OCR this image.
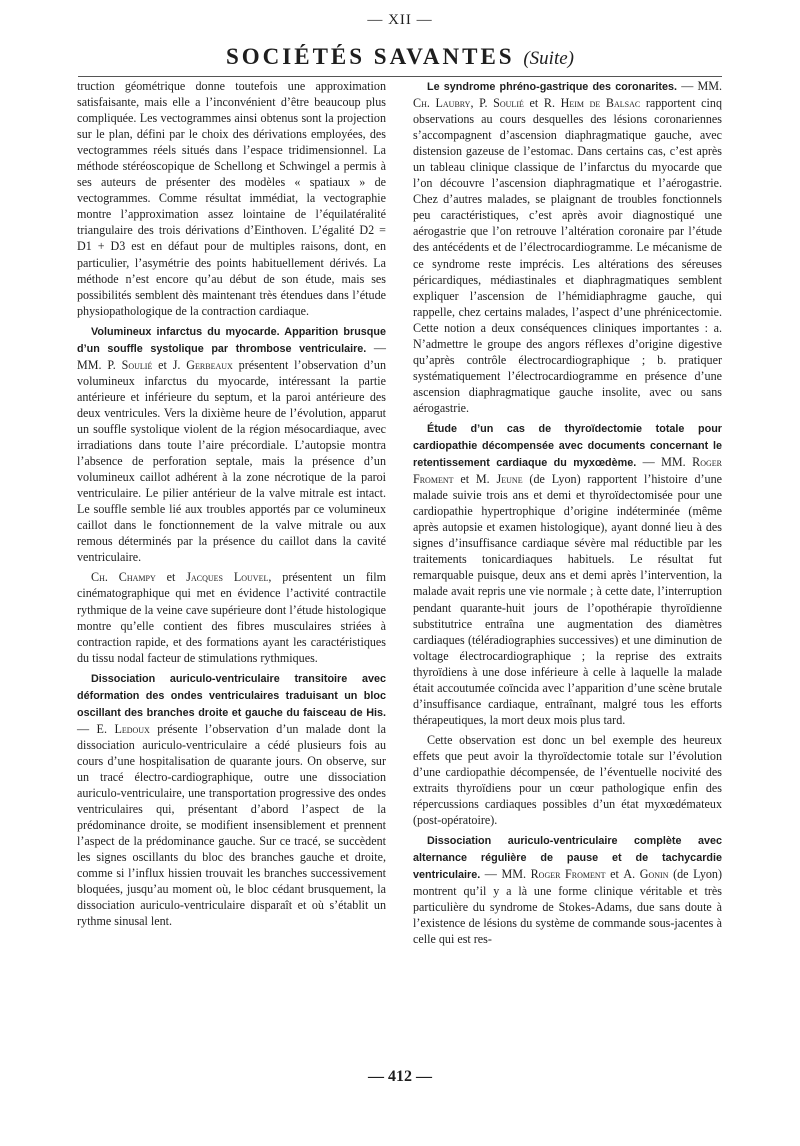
— XII —
SOCIÉTÉS SAVANTES (Suite)

truction géométrique donne toutefois une approximation satisfaisante, mais elle a l’inconvénient d’être beaucoup plus compliquée. Les vectogrammes ainsi obtenus sont la projection sur le plan, défini par le choix des dérivations employées, des vectogrammes réels situés dans l’espace tridimensionnel. La méthode stéréoscopique de Schellong et Schwingel a permis à ses auteurs de présenter des modèles « spatiaux » de vectogrammes. Comme résultat immédiat, la vectographie montre l’approximation assez lointaine de l’équilatéralité triangulaire des trois dérivations d’Einthoven. L’égalité D2 = D1 + D3 est en défaut pour de multiples raisons, dont, en particulier, l’asymétrie des points habituellement dérivés. La méthode n’est encore qu’au début de son étude, mais ses possibilités semblent dès maintenant très étendues dans l’étude physiopathologique de la contraction cardiaque.

Volumineux infarctus du myocarde. Apparition brusque d’un souffle systolique par thrombose ventriculaire. — MM. P. Soulié et J. Gerbeaux présentent l’observation d’un volumineux infarctus du myocarde, intéressant la partie antérieure et inférieure du septum, et la paroi antérieure des deux ventricules. Vers la dixième heure de l’évolution, apparut un souffle systolique violent de la région mésocardiaque, avec irradiations dans toute l’aire précordiale. L’autopsie montra l’absence de perforation septale, mais la présence d’un volumineux caillot adhérent à la zone nécrotique de la paroi ventriculaire. Le pilier antérieur de la valve mitrale est intact. Le souffle semble lié aux troubles apportés par ce volumineux caillot dans le fonctionnement de la valve mitrale ou aux remous déterminés par la présence du caillot dans la cavité ventriculaire.

Ch. Champy et Jacques Louvel, présentent un film cinématographique qui met en évidence l’activité contractile rythmique de la veine cave supérieure dont l’étude histologique montre qu’elle contient des fibres musculaires striées à contraction rapide, et des formations ayant les caractéristiques du tissu nodal facteur de stimulations rythmiques.

Dissociation auriculo-ventriculaire transitoire avec déformation des ondes ventriculaires traduisant un bloc oscillant des branches droite et gauche du faisceau de His. — E. Ledoux présente l’observation d’un malade dont la dissociation auriculo-ventriculaire a cédé plusieurs fois au cours d’une hospitalisation de quarante jours. On observe, sur un tracé électro-cardiographique, outre une dissociation auriculo-ventriculaire, une transportation progressive des ondes ventriculaires qui, présentant d’abord l’aspect de la prédominance droite, se modifient insensiblement et prennent l’aspect de la prédominance gauche. Sur ce tracé, se succèdent les signes oscillants du bloc des branches gauche et droite, comme si l’influx hissien trouvait les branches successivement bloquées, jusqu’au moment où, le bloc cédant brusquement, la dissociation auriculo-ventriculaire disparaît et où s’établit un rythme sinusal lent.

Le syndrome phréno-gastrique des coronarites. — MM. Ch. Laubry, P. Soulié et R. Heim de Balsac rapportent cinq observations au cours desquelles des lésions coronariennes s’accompagnent d’ascension diaphragmatique gauche, avec distension gazeuse de l’estomac. Dans certains cas, c’est après un tableau clinique classique de l’infarctus du myocarde que l’on découvre l’ascension diaphragmatique et l’aérogastrie. Chez d’autres malades, se plaignant de troubles fonctionnels peu caractéristiques, c’est après avoir diagnostiqué une aérogastrie que l’on retrouve l’altération coronaire par l’étude des antécédents et de l’électrocardiogramme. Le mécanisme de ce syndrome reste imprécis. Les altérations des séreuses péricardiques, médiastinales et diaphragmatiques semblent expliquer l’ascension de l’hémidiaphragme gauche, qui rappelle, chez certains malades, l’aspect d’une phrénicectomie. Cette notion a deux conséquences cliniques importantes : a. N’admettre le groupe des angors réflexes d’origine digestive qu’après contrôle électrocardiographique ; b. pratiquer systématiquement l’électrocardiogramme en présence d’une ascension diaphragmatique gauche insolite, avec ou sans aérogastrie.

Étude d’un cas de thyroïdectomie totale pour cardiopathie décompensée avec documents concernant le retentissement cardiaque du myxœdème. — MM. Roger Froment et M. Jeune (de Lyon) rapportent l’histoire d’une malade suivie trois ans et demi et thyroïdectomisée pour une cardiopathie hypertrophique d’origine indéterminée (même après autopsie et examen histologique), ayant donné lieu à des signes d’insuffisance cardiaque sévère mal réductible par les traitements tonicardiaques habituels. Le résultat fut remarquable puisque, deux ans et demi après l’intervention, la malade avait repris une vie normale ; à cette date, l’interruption pendant quarante-huit jours de l’opothérapie thyroïdienne substitutrice entraîna une augmentation des diamètres cardiaques (téléradiographies successives) et une diminution de voltage électrocardiographique ; la reprise des extraits thyroïdiens à une dose inférieure à celle à laquelle la malade était accoutumée coïncida avec l’apparition d’une scène brutale d’insuffisance cardiaque, entraînant, malgré tous les efforts thérapeutiques, la mort deux mois plus tard.

Cette observation est donc un bel exemple des heureux effets que peut avoir la thyroïdectomie totale sur l’évolution d’une cardiopathie décompensée, de l’éventuelle nocivité des extraits thyroïdiens pour un cœur pathologique enfin des répercussions cardiaques possibles d’un état myxœdémateux (post-opératoire).

Dissociation auriculo-ventriculaire complète avec alternance régulière de pause et de tachycardie ventriculaire. — MM. Roger Froment et A. Gonin (de Lyon) montrent qu’il y a là une forme clinique véritable et très particulière du syndrome de Stokes-Adams, due sans doute à l’existence de lésions du système de commande sous-jacentes à celle qui est res-

— 412 —
